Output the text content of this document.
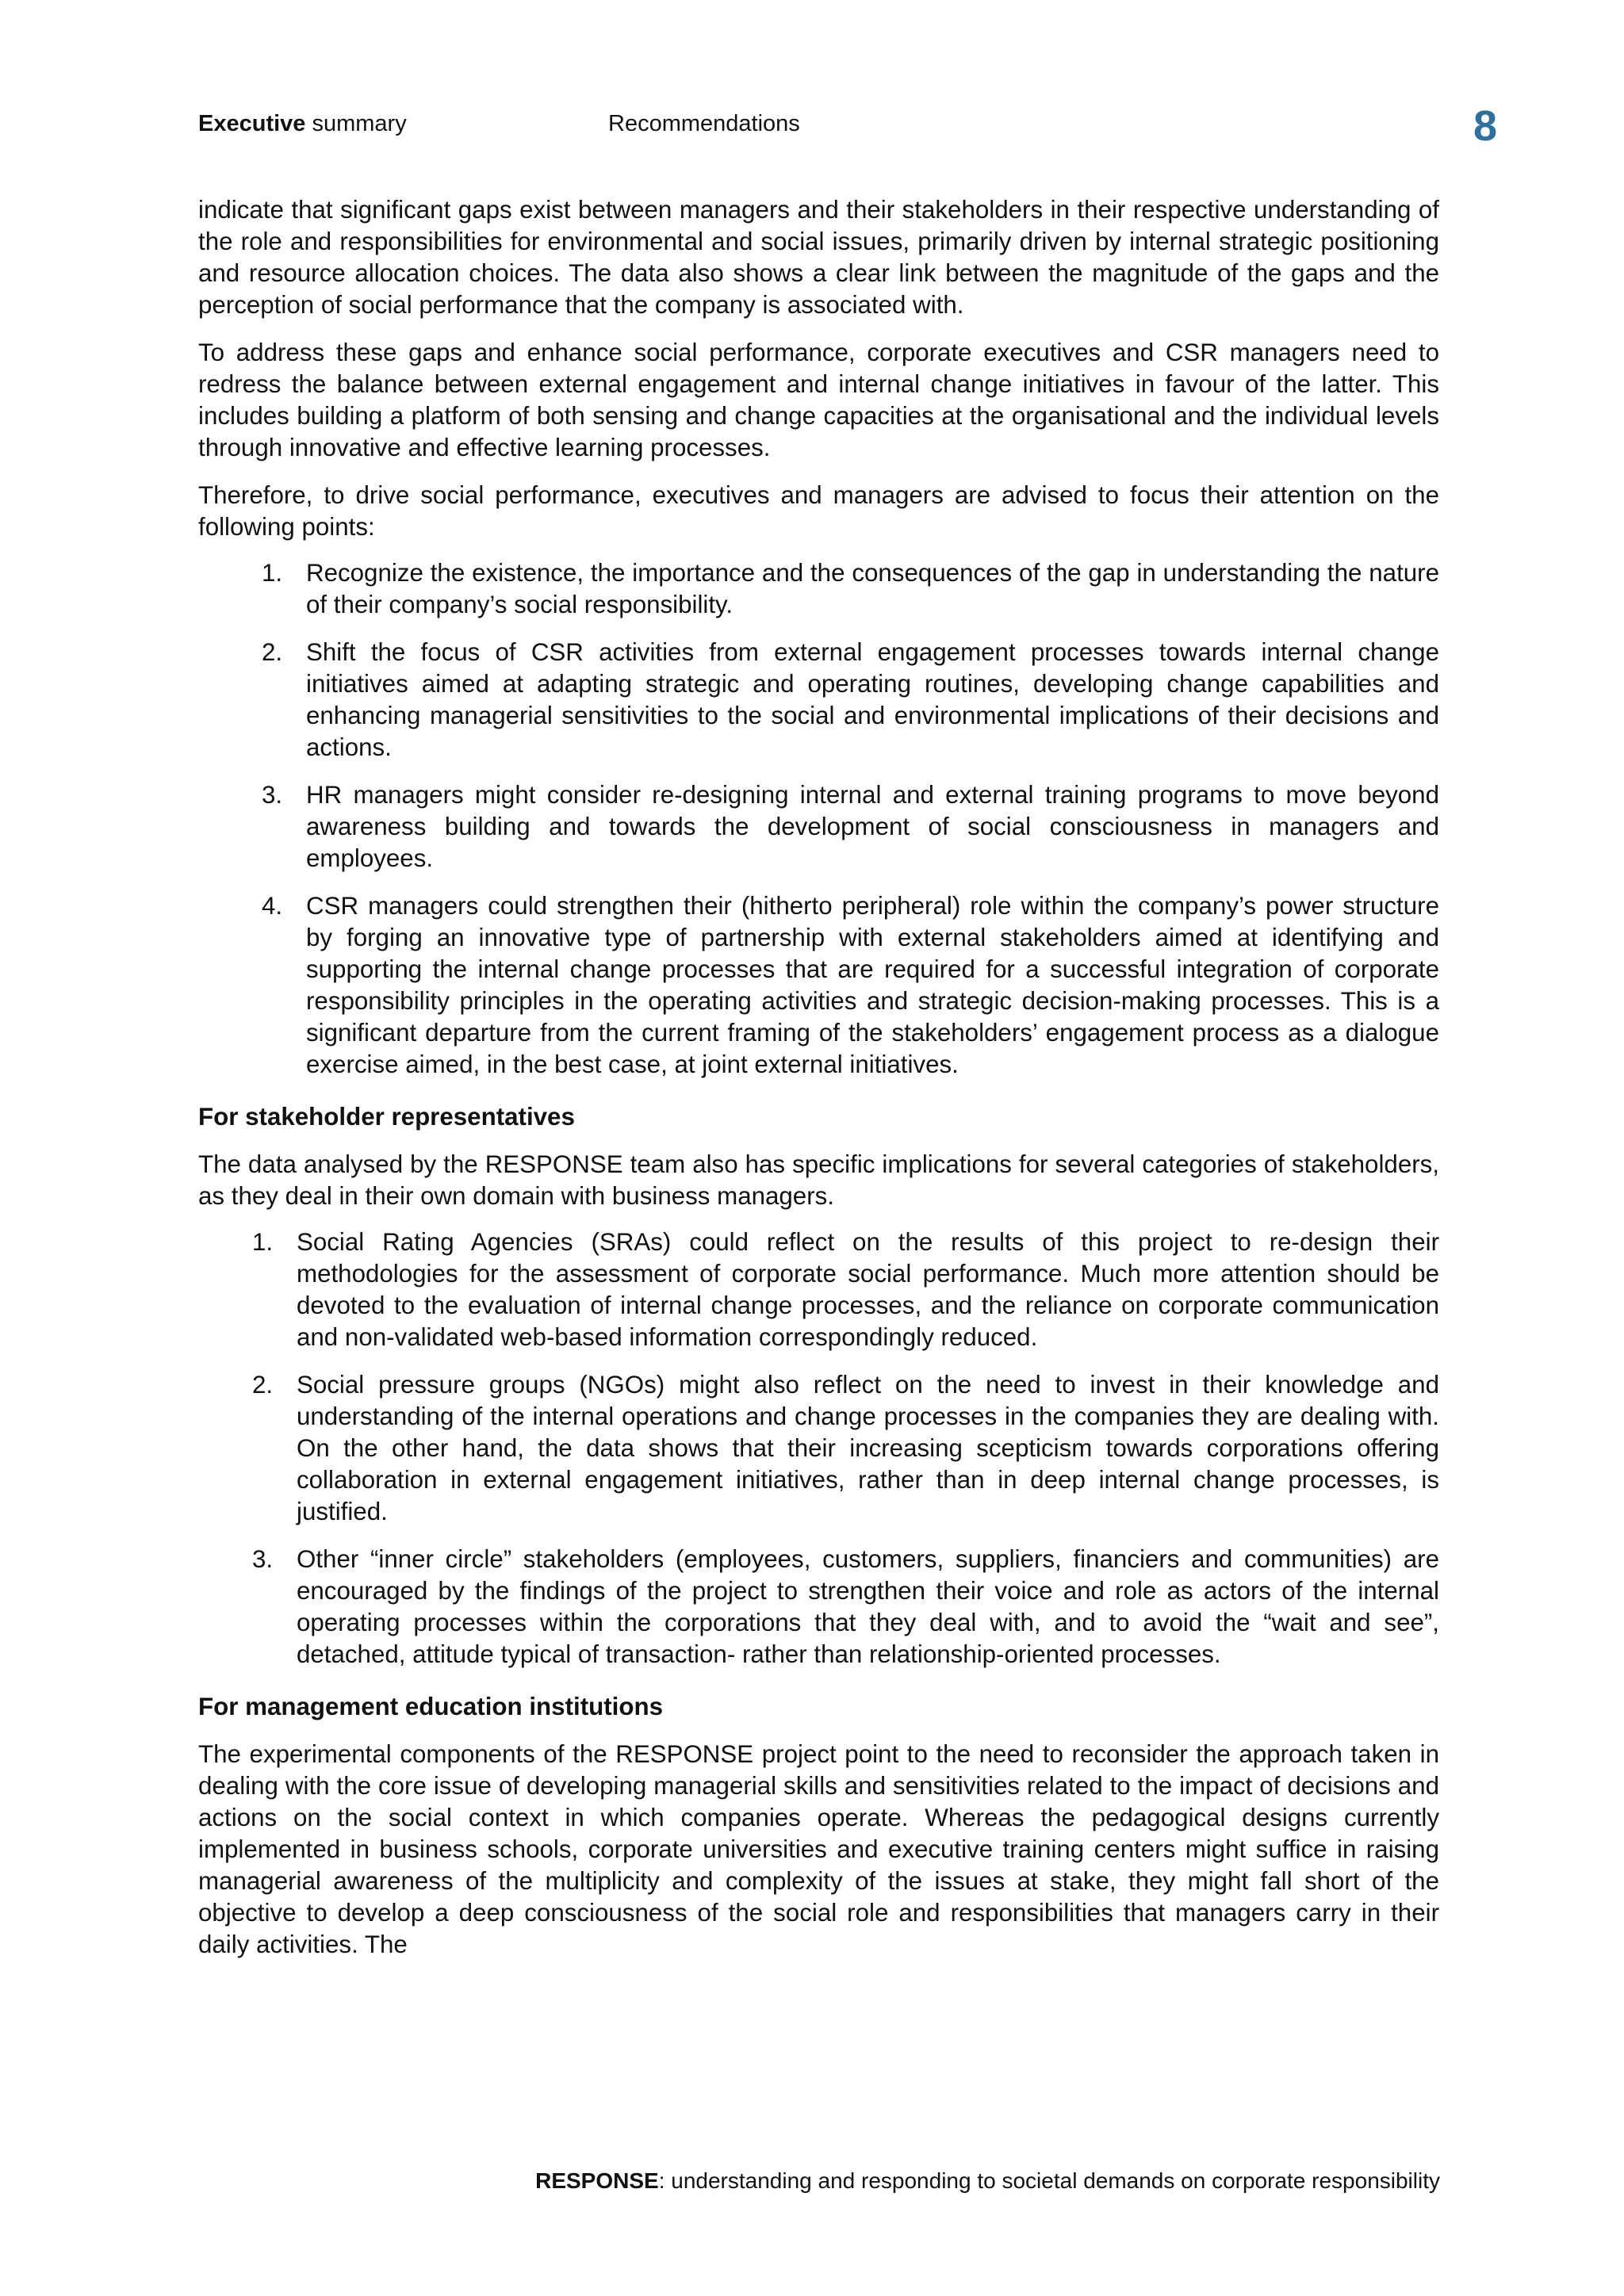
Executive summary	Recommendations	8

indicate that significant gaps exist between managers and their stakeholders in their respective understanding of the role and responsibilities for environmental and social issues, primarily driven by internal strategic positioning and resource allocation choices. The data also shows a clear link between the magnitude of the gaps and the perception of social performance that the company is associated with.

To address these gaps and enhance social performance, corporate executives and CSR managers need to redress the balance between external engagement and internal change initiatives in favour of the latter. This includes building a platform of both sensing and change capacities at the organisational and the individual levels through innovative and effective learning processes.

Therefore, to drive social performance, executives and managers are advised to focus their attention on the following points:

1. Recognize the existence, the importance and the consequences of the gap in understanding the nature of their company’s social responsibility.
2. Shift the focus of CSR activities from external engagement processes towards internal change initiatives aimed at adapting strategic and operating routines, developing change capabilities and enhancing managerial sensitivities to the social and environmental implications of their decisions and actions.
3. HR managers might consider re-designing internal and external training programs to move beyond awareness building and towards the development of social consciousness in managers and employees.
4. CSR managers could strengthen their (hitherto peripheral) role within the company’s power structure by forging an innovative type of partnership with external stakeholders aimed at identifying and supporting the internal change processes that are required for a successful integration of corporate responsibility principles in the operating activities and strategic decision-making processes. This is a significant departure from the current framing of the stakeholders’ engagement process as a dialogue exercise aimed, in the best case, at joint external initiatives.
For stakeholder representatives

The data analysed by the RESPONSE team also has specific implications for several categories of stakeholders, as they deal in their own domain with business managers.

1. Social Rating Agencies (SRAs) could reflect on the results of this project to re-design their methodologies for the assessment of corporate social performance. Much more attention should be devoted to the evaluation of internal change processes, and the reliance on corporate communication and non-validated web-based information correspondingly reduced.
2. Social pressure groups (NGOs) might also reflect on the need to invest in their knowledge and understanding of the internal operations and change processes in the companies they are dealing with. On the other hand, the data shows that their increasing scepticism towards corporations offering collaboration in external engagement initiatives, rather than in deep internal change processes, is justified.
3. Other “inner circle” stakeholders (employees, customers, suppliers, financiers and communities) are encouraged by the findings of the project to strengthen their voice and role as actors of the internal operating processes within the corporations that they deal with, and to avoid the “wait and see”, detached, attitude typical of transaction- rather than relationship-oriented processes.
For management education institutions

The experimental components of the RESPONSE project point to the need to reconsider the approach taken in dealing with the core issue of developing managerial skills and sensitivities related to the impact of decisions and actions on the social context in which companies operate. Whereas the pedagogical designs currently implemented in business schools, corporate universities and executive training centers might suffice in raising managerial awareness of the multiplicity and complexity of the issues at stake, they might fall short of the objective to develop a deep consciousness of the social role and responsibilities that managers carry in their daily activities. The

RESPONSE: understanding and responding to societal demands on corporate responsibility
